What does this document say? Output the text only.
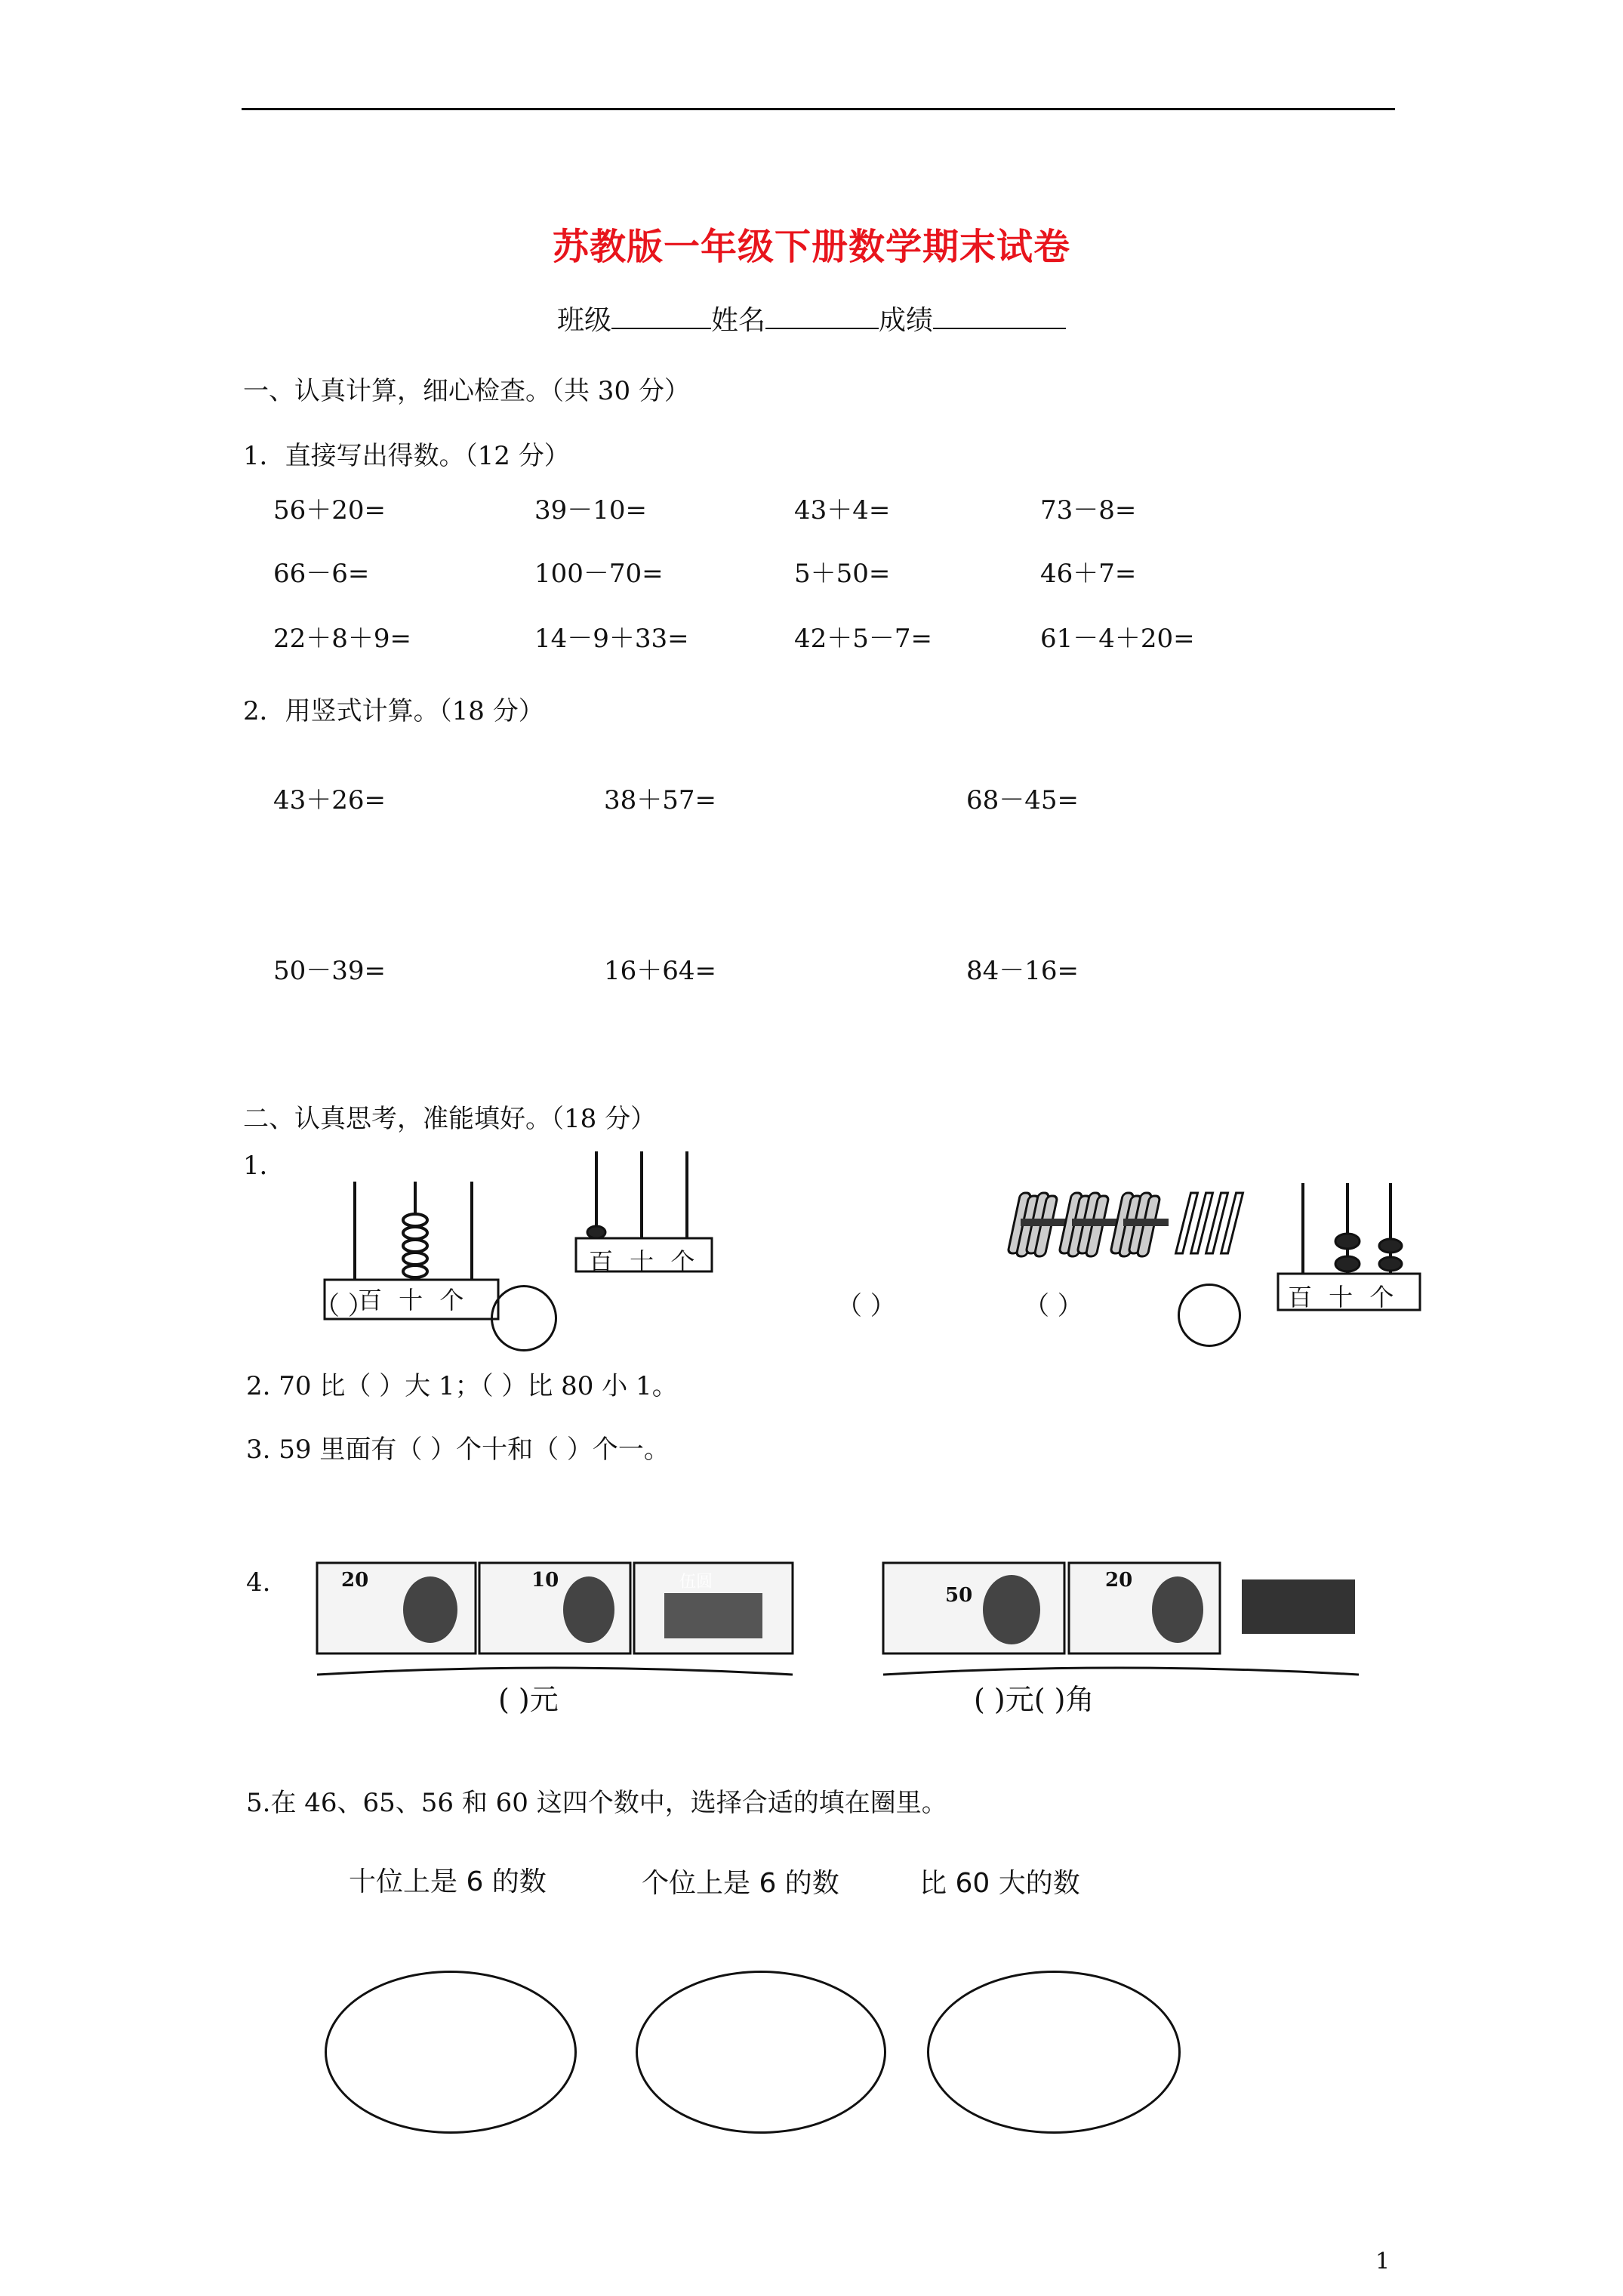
苏教版一年级下册数学期末试卷
班级	姓名	成绩
一、认真计算，细心检查。（共 30 分）
1．直接写出得数。（12 分）
56＋20=	39－10=	43＋4=	73－8=
66－6=	100－70=	5＋50=	46＋7=
22＋8＋9=	14－9＋33=	42＋5－7=	61－4＋20=
2．用竖式计算。（18 分）
43＋26=	38＋57=	68－45=
50－39=	16＋64=	84－16=
二、认真思考，准能填好。（18 分）
1．
百 十 个
（ ）
百 十 个
（ ）	（ ）	百 十 个
2. 70 比（ ）大 1；（ ）比 80 小 1。
3. 59 里面有（ ）个十和（ ）个一。
4.	20	10	伍圆
( )元
50
20
( )元( )角
5.在 46、65、56 和 60 这四个数中，选择合适的填在圈里。
十位上是 6 的数	个位上是 6 的数	比 60 大的数
1
